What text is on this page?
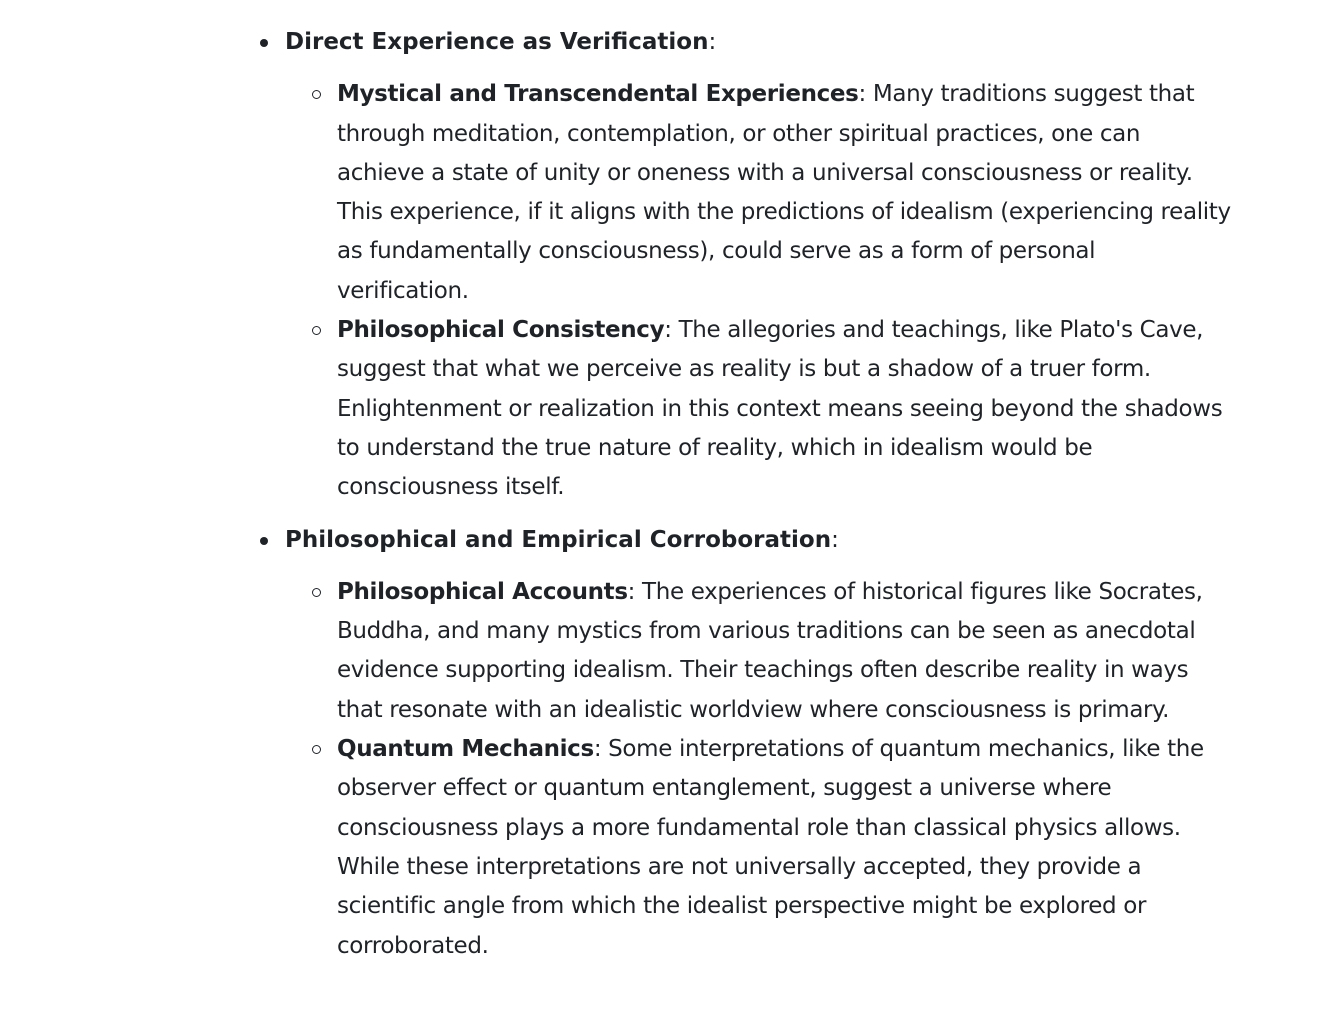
Direct Experience as Verification:
Mystical and Transcendental Experiences: Many traditions suggest that through meditation, contemplation, or other spiritual practices, one can achieve a state of unity or oneness with a universal consciousness or reality. This experience, if it aligns with the predictions of idealism (experiencing reality as fundamentally consciousness), could serve as a form of personal verification.
Philosophical Consistency: The allegories and teachings, like Plato's Cave, suggest that what we perceive as reality is but a shadow of a truer form. Enlightenment or realization in this context means seeing beyond the shadows to understand the true nature of reality, which in idealism would be consciousness itself.
Philosophical and Empirical Corroboration:
Philosophical Accounts: The experiences of historical figures like Socrates, Buddha, and many mystics from various traditions can be seen as anecdotal evidence supporting idealism. Their teachings often describe reality in ways that resonate with an idealistic worldview where consciousness is primary.
Quantum Mechanics: Some interpretations of quantum mechanics, like the observer effect or quantum entanglement, suggest a universe where consciousness plays a more fundamental role than classical physics allows. While these interpretations are not universally accepted, they provide a scientific angle from which the idealist perspective might be explored or corroborated.
